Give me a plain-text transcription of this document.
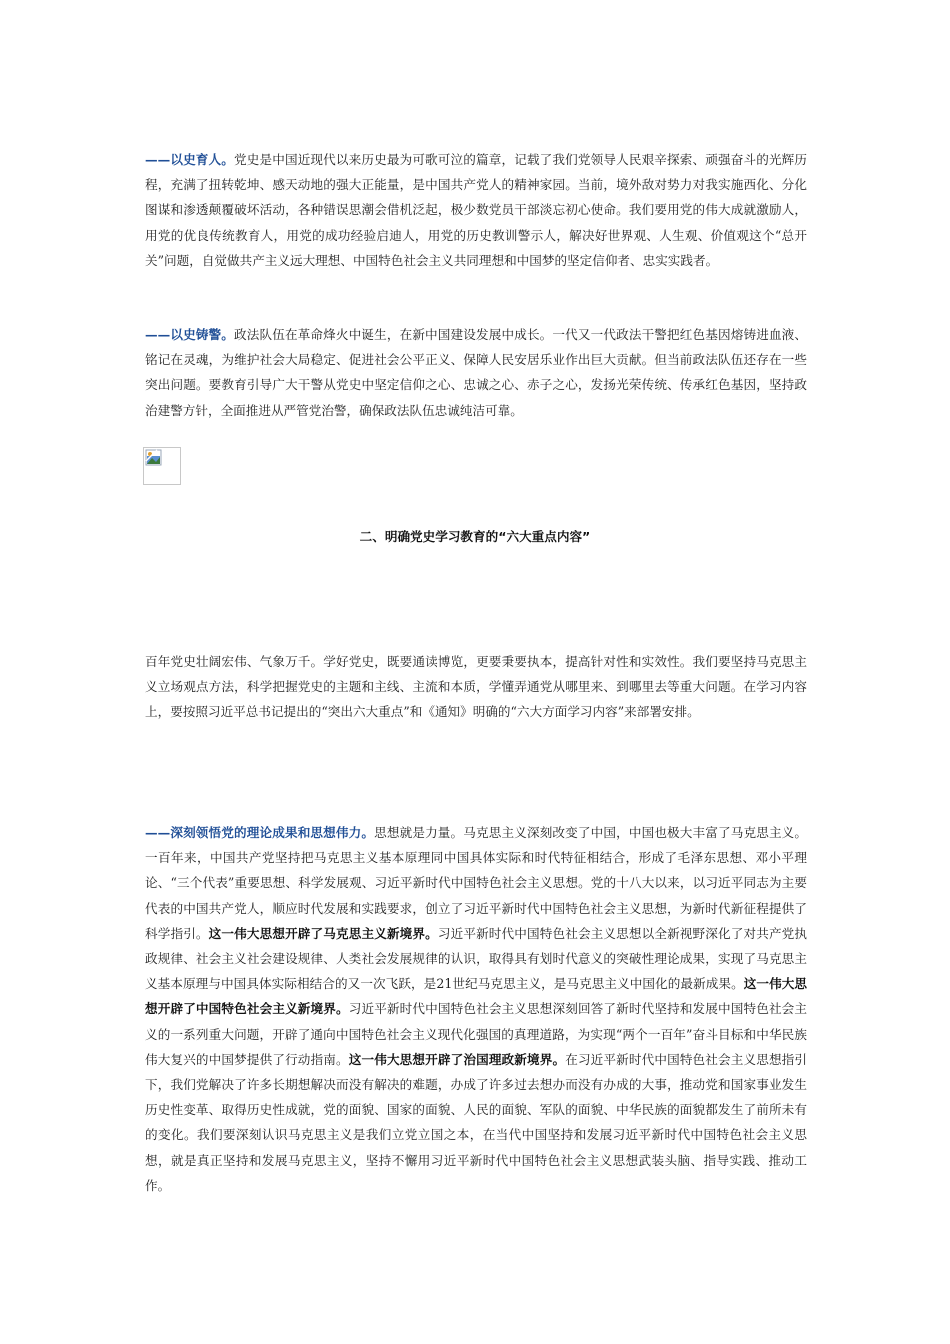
——以史育人。党史是中国近现代以来历史最为可歌可泣的篇章，记载了我们党领导人民艰辛探索、顽强奋斗的光辉历程，充满了扭转乾坤、感天动地的强大正能量，是中国共产党人的精神家园。当前，境外敌对势力对我实施西化、分化图谋和渗透颠覆破坏活动，各种错误思潮会借机泛起，极少数党员干部淡忘初心使命。我们要用党的伟大成就激励人，用党的优良传统教育人，用党的成功经验启迪人，用党的历史教训警示人，解决好世界观、人生观、价值观这个“总开关”问题，自觉做共产主义远大理想、中国特色社会主义共同理想和中国梦的坚定信仰者、忠实实践者。

——以史铸警。政法队伍在革命烽火中诞生，在新中国建设发展中成长。一代又一代政法干警把红色基因熔铸进血液、铭记在灵魂，为维护社会大局稳定、促进社会公平正义、保障人民安居乐业作出巨大贡献。但当前政法队伍还存在一些突出问题。要教育引导广大干警从党史中坚定信仰之心、忠诚之心、赤子之心，发扬光荣传统、传承红色基因，坚持政治建警方针，全面推进从严管党治警，确保政法队伍忠诚纯洁可靠。

二、明确党史学习教育的“六大重点内容”

百年党史壮阔宏伟、气象万千。学好党史，既要通读博览，更要秉要执本，提高针对性和实效性。我们要坚持马克思主义立场观点方法，科学把握党史的主题和主线、主流和本质，学懂弄通党从哪里来、到哪里去等重大问题。在学习内容上，要按照习近平总书记提出的“突出六大重点”和《通知》明确的“六大方面学习内容”来部署安排。

——深刻领悟党的理论成果和思想伟力。思想就是力量。马克思主义深刻改变了中国，中国也极大丰富了马克思主义。一百年来，中国共产党坚持把马克思主义基本原理同中国具体实际和时代特征相结合，形成了毛泽东思想、邓小平理论、“三个代表”重要思想、科学发展观、习近平新时代中国特色社会主义思想。党的十八大以来，以习近平同志为主要代表的中国共产党人，顺应时代发展和实践要求，创立了习近平新时代中国特色社会主义思想，为新时代新征程提供了科学指引。这一伟大思想开辟了马克思主义新境界。习近平新时代中国特色社会主义思想以全新视野深化了对共产党执政规律、社会主义社会建设规律、人类社会发展规律的认识，取得具有划时代意义的突破性理论成果，实现了马克思主义基本原理与中国具体实际相结合的又一次飞跃，是21世纪马克思主义，是马克思主义中国化的最新成果。这一伟大思想开辟了中国特色社会主义新境界。习近平新时代中国特色社会主义思想深刻回答了新时代坚持和发展中国特色社会主义的一系列重大问题，开辟了通向中国特色社会主义现代化强国的真理道路，为实现“两个一百年”奋斗目标和中华民族伟大复兴的中国梦提供了行动指南。这一伟大思想开辟了治国理政新境界。在习近平新时代中国特色社会主义思想指引下，我们党解决了许多长期想解决而没有解决的难题，办成了许多过去想办而没有办成的大事，推动党和国家事业发生历史性变革、取得历史性成就，党的面貌、国家的面貌、人民的面貌、军队的面貌、中华民族的面貌都发生了前所未有的变化。我们要深刻认识马克思主义是我们立党立国之本，在当代中国坚持和发展习近平新时代中国特色社会主义思想，就是真正坚持和发展马克思主义，坚持不懈用习近平新时代中国特色社会主义思想武装头脑、指导实践、推动工作。
